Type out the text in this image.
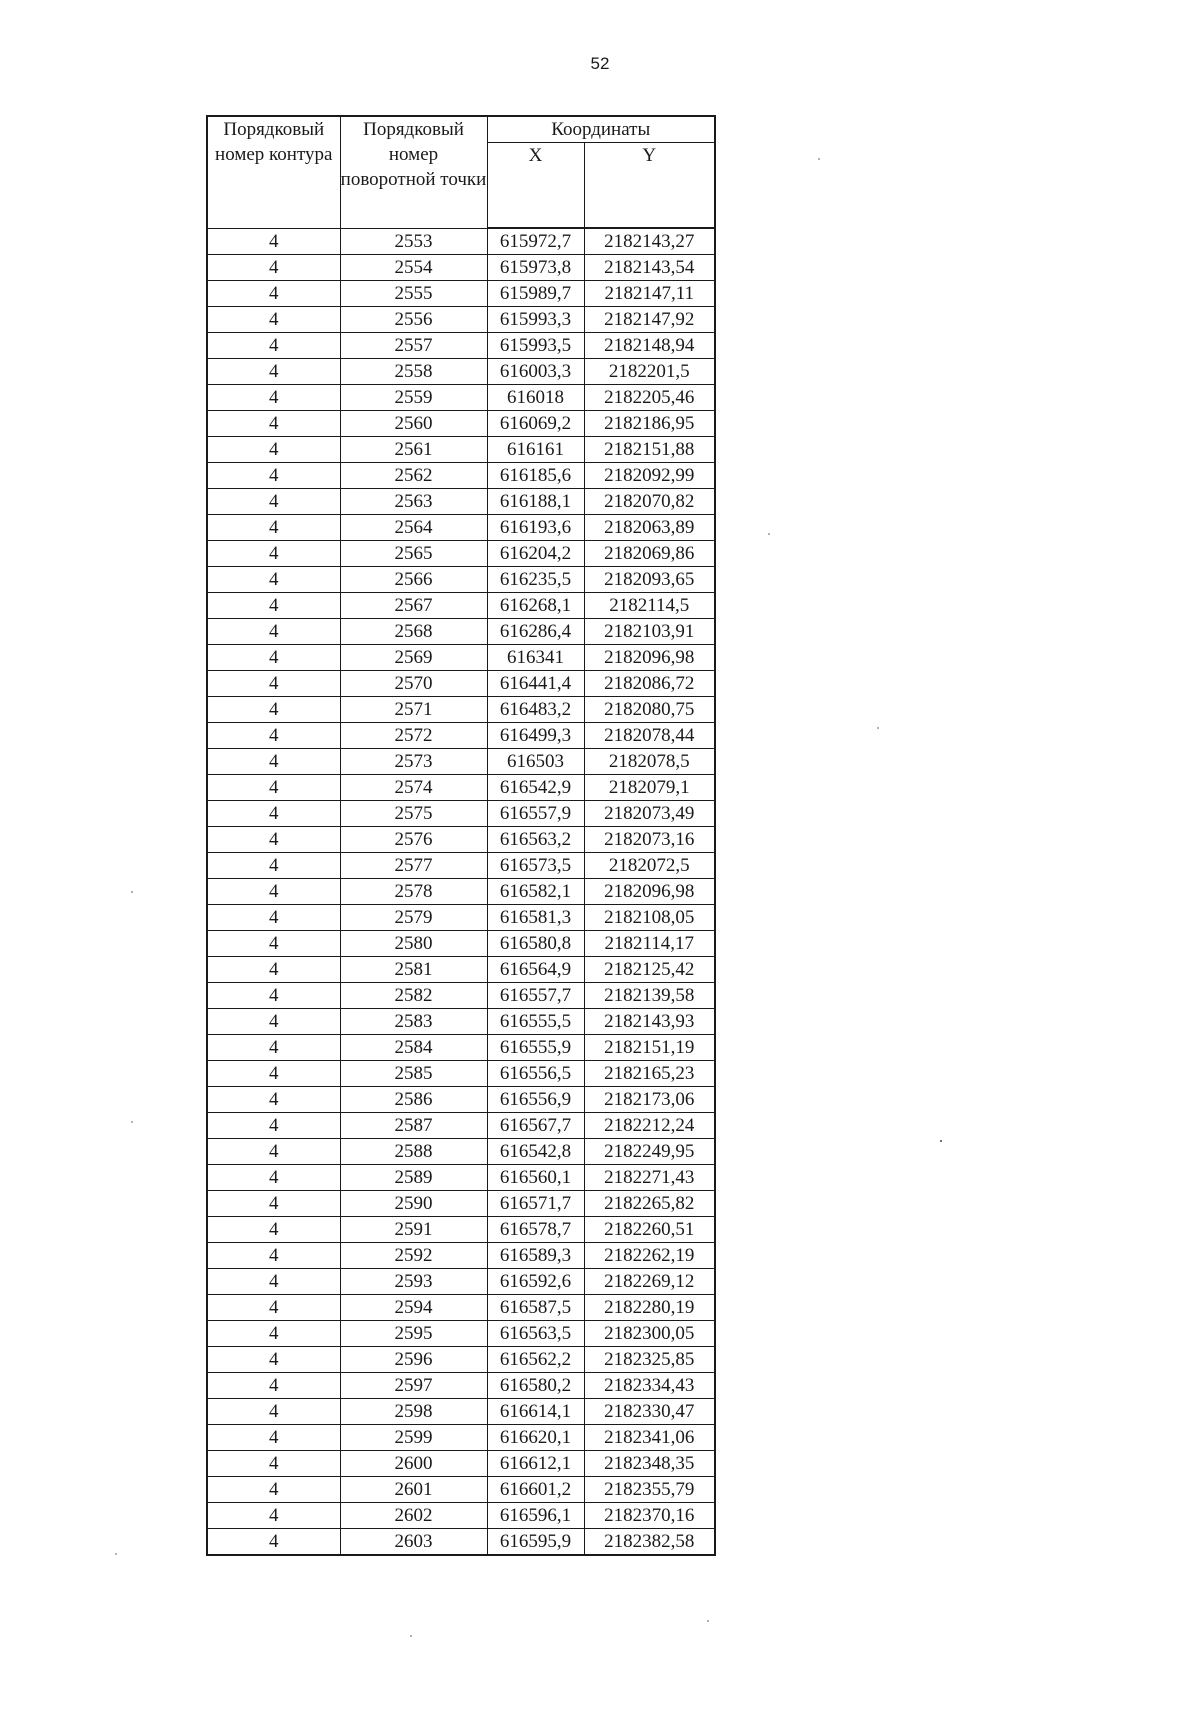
52
Порядковый номер контура	Порядковый номер поворотной точки	Координаты	
		X	Y
4	2553	615972,7	2182143,27
4	2554	615973,8	2182143,54
4	2555	615989,7	2182147,11
4	2556	615993,3	2182147,92
4	2557	615993,5	2182148,94
4	2558	616003,3	2182201,5
4	2559	616018	2182205,46
4	2560	616069,2	2182186,95
4	2561	616161	2182151,88
4	2562	616185,6	2182092,99
4	2563	616188,1	2182070,82
4	2564	616193,6	2182063,89
4	2565	616204,2	2182069,86
4	2566	616235,5	2182093,65
4	2567	616268,1	2182114,5
4	2568	616286,4	2182103,91
4	2569	616341	2182096,98
4	2570	616441,4	2182086,72
4	2571	616483,2	2182080,75
4	2572	616499,3	2182078,44
4	2573	616503	2182078,5
4	2574	616542,9	2182079,1
4	2575	616557,9	2182073,49
4	2576	616563,2	2182073,16
4	2577	616573,5	2182072,5
4	2578	616582,1	2182096,98
4	2579	616581,3	2182108,05
4	2580	616580,8	2182114,17
4	2581	616564,9	2182125,42
4	2582	616557,7	2182139,58
4	2583	616555,5	2182143,93
4	2584	616555,9	2182151,19
4	2585	616556,5	2182165,23
4	2586	616556,9	2182173,06
4	2587	616567,7	2182212,24
4	2588	616542,8	2182249,95
4	2589	616560,1	2182271,43
4	2590	616571,7	2182265,82
4	2591	616578,7	2182260,51
4	2592	616589,3	2182262,19
4	2593	616592,6	2182269,12
4	2594	616587,5	2182280,19
4	2595	616563,5	2182300,05
4	2596	616562,2	2182325,85
4	2597	616580,2	2182334,43
4	2598	616614,1	2182330,47
4	2599	616620,1	2182341,06
4	2600	616612,1	2182348,35
4	2601	616601,2	2182355,79
4	2602	616596,1	2182370,16
4	2603	616595,9	2182382,58
